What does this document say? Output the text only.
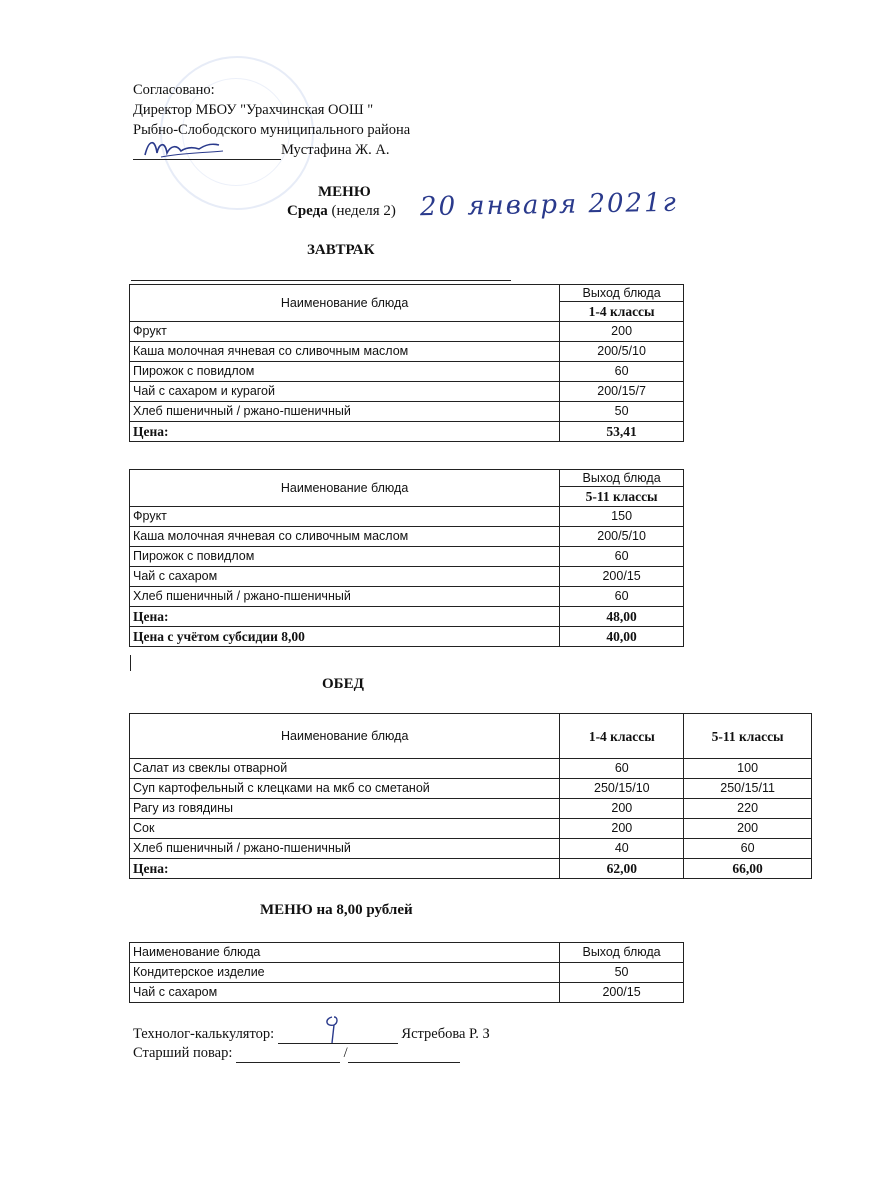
Согласовано:
Директор МБОУ "Урахчинская ООШ "
Рыбно-Слободского муниципального района
Мустафина Ж. А.
МЕНЮ
Среда (неделя 2) 20 января 2021г
ЗАВТРАК
Наименование блюда	Выход блюда
	1-4 классы
Фрукт	200
Каша молочная ячневая со сливочным маслом	200/5/10
Пирожок с повидлом	60
Чай с сахаром и курагой	200/15/7
Хлеб пшеничный / ржано-пшеничный	50
Цена:	53,41
Наименование блюда	Выход блюда
	5-11 классы
Фрукт	150
Каша молочная ячневая со сливочным маслом	200/5/10
Пирожок с повидлом	60
Чай с сахаром	200/15
Хлеб пшеничный / ржано-пшеничный	60
Цена:	48,00
Цена с учётом субсидии 8,00	40,00
ОБЕД
Наименование блюда	1-4 классы	5-11 классы
Салат из свеклы отварной	60	100
Суп картофельный с клецками на мкб со сметаной	250/15/10	250/15/11
Рагу из говядины	200	220
Сок	200	200
Хлеб пшеничный / ржано-пшеничный	40	60
Цена:	62,00	66,00
МЕНЮ на 8,00 рублей
Наименование блюда	Выход блюда
Кондитерское изделие	50
Чай с сахаром	200/15
Технолог-калькулятор:	Ястребова Р. З
Старший повар:	/
